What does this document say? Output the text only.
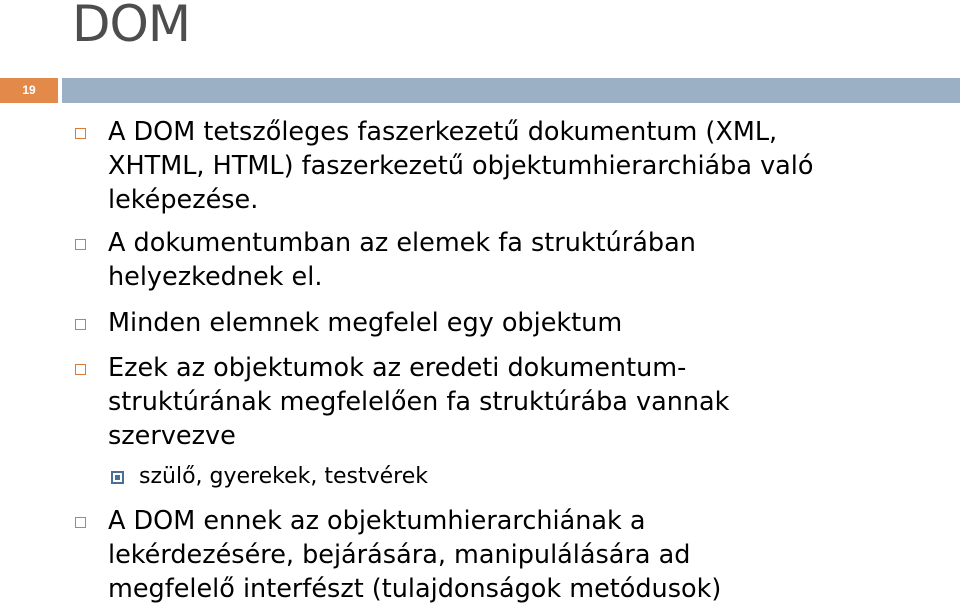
DOM
19
A DOM tetszőleges faszerkezetű dokumentum (XML,
XHTML, HTML) faszerkezetű objektumhierarchiába való
leképezése.
A dokumentumban az elemek fa struktúrában
helyezkednek el.
Minden elemnek megfelel egy objektum
Ezek az objektumok az eredeti dokumentum-
struktúrának megfelelően fa struktúrába vannak
szervezve
szülő, gyerekek, testvérek
A DOM ennek az objektumhierarchiának a
lekérdezésére, bejárására, manipulálására ad
megfelelő interfészt (tulajdonságok metódusok)
